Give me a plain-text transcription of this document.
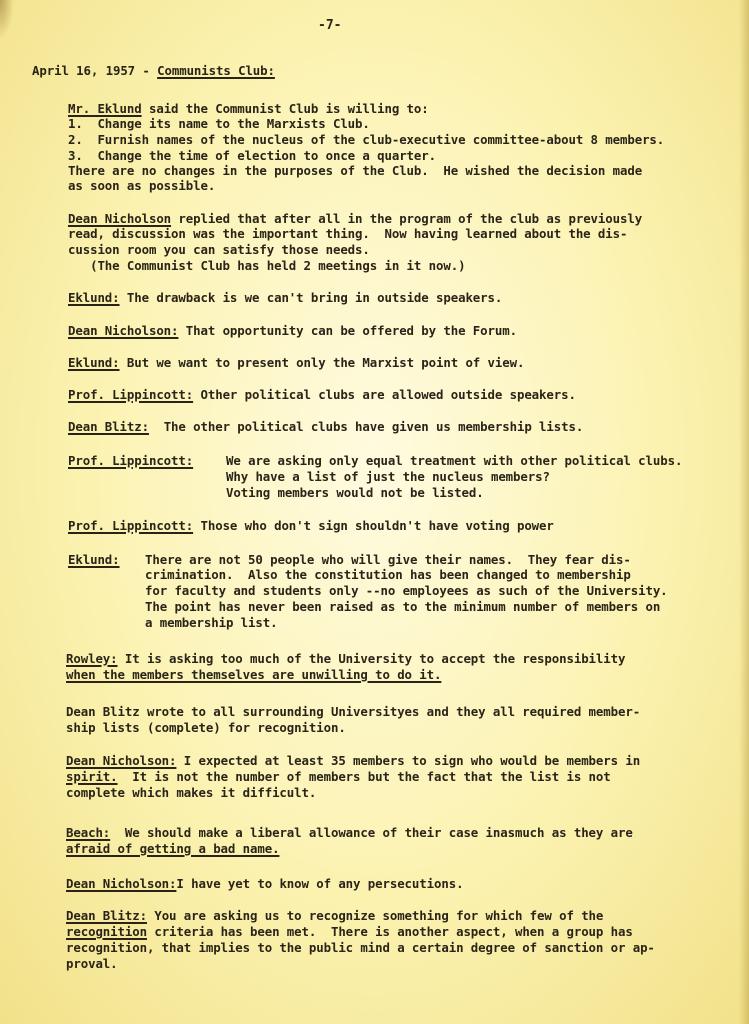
-7-
April 16, 1957 - Communists Club:
Mr. Eklund said the Communist Club is willing to:
1.  Change its name to the Marxists Club.
2.  Furnish names of the nucleus of the club-executive committee-about 8 members.
3.  Change the time of election to once a quarter.
There are no changes in the purposes of the Club.  He wished the decision made
as soon as possible.
Dean Nicholson replied that after all in the program of the club as previously
read, discussion was the important thing.  Now having learned about the dis-
cussion room you can satisfy those needs.
(The Communist Club has held 2 meetings in it now.)
Eklund: The drawback is we can't bring in outside speakers.
Dean Nicholson: That opportunity can be offered by the Forum.
Eklund: But we want to present only the Marxist point of view.
Prof. Lippincott: Other political clubs are allowed outside speakers.
Dean Blitz:  The other political clubs have given us membership lists.
Prof. Lippincott:	We are asking only equal treatment with other political clubs.
Why have a list of just the nucleus members?
Voting members would not be listed.
Prof. Lippincott: Those who don't sign shouldn't have voting power
Eklund: There are not 50 people who will give their names.  They fear dis-
crimination.  Also the constitution has been changed to membership
for faculty and students only --no employees as such of the University.
The point has never been raised as to the minimum number of members on
a membership list.
Rowley: It is asking too much of the University to accept the responsibility
when the members themselves are unwilling to do it.
Dean Blitz wrote to all surrounding Universityes and they all required member-
ship lists (complete) for recognition.
Dean Nicholson: I expected at least 35 members to sign who would be members in
spirit.  It is not the number of members but the fact that the list is not
complete which makes it difficult.
Beach:  We should make a liberal allowance of their case inasmuch as they are
afraid of getting a bad name.
Dean Nicholson:I have yet to know of any persecutions.
Dean Blitz: You are asking us to recognize something for which few of the
recognition criteria has been met.  There is another aspect, when a group has
recognition, that implies to the public mind a certain degree of sanction or ap-
proval.
